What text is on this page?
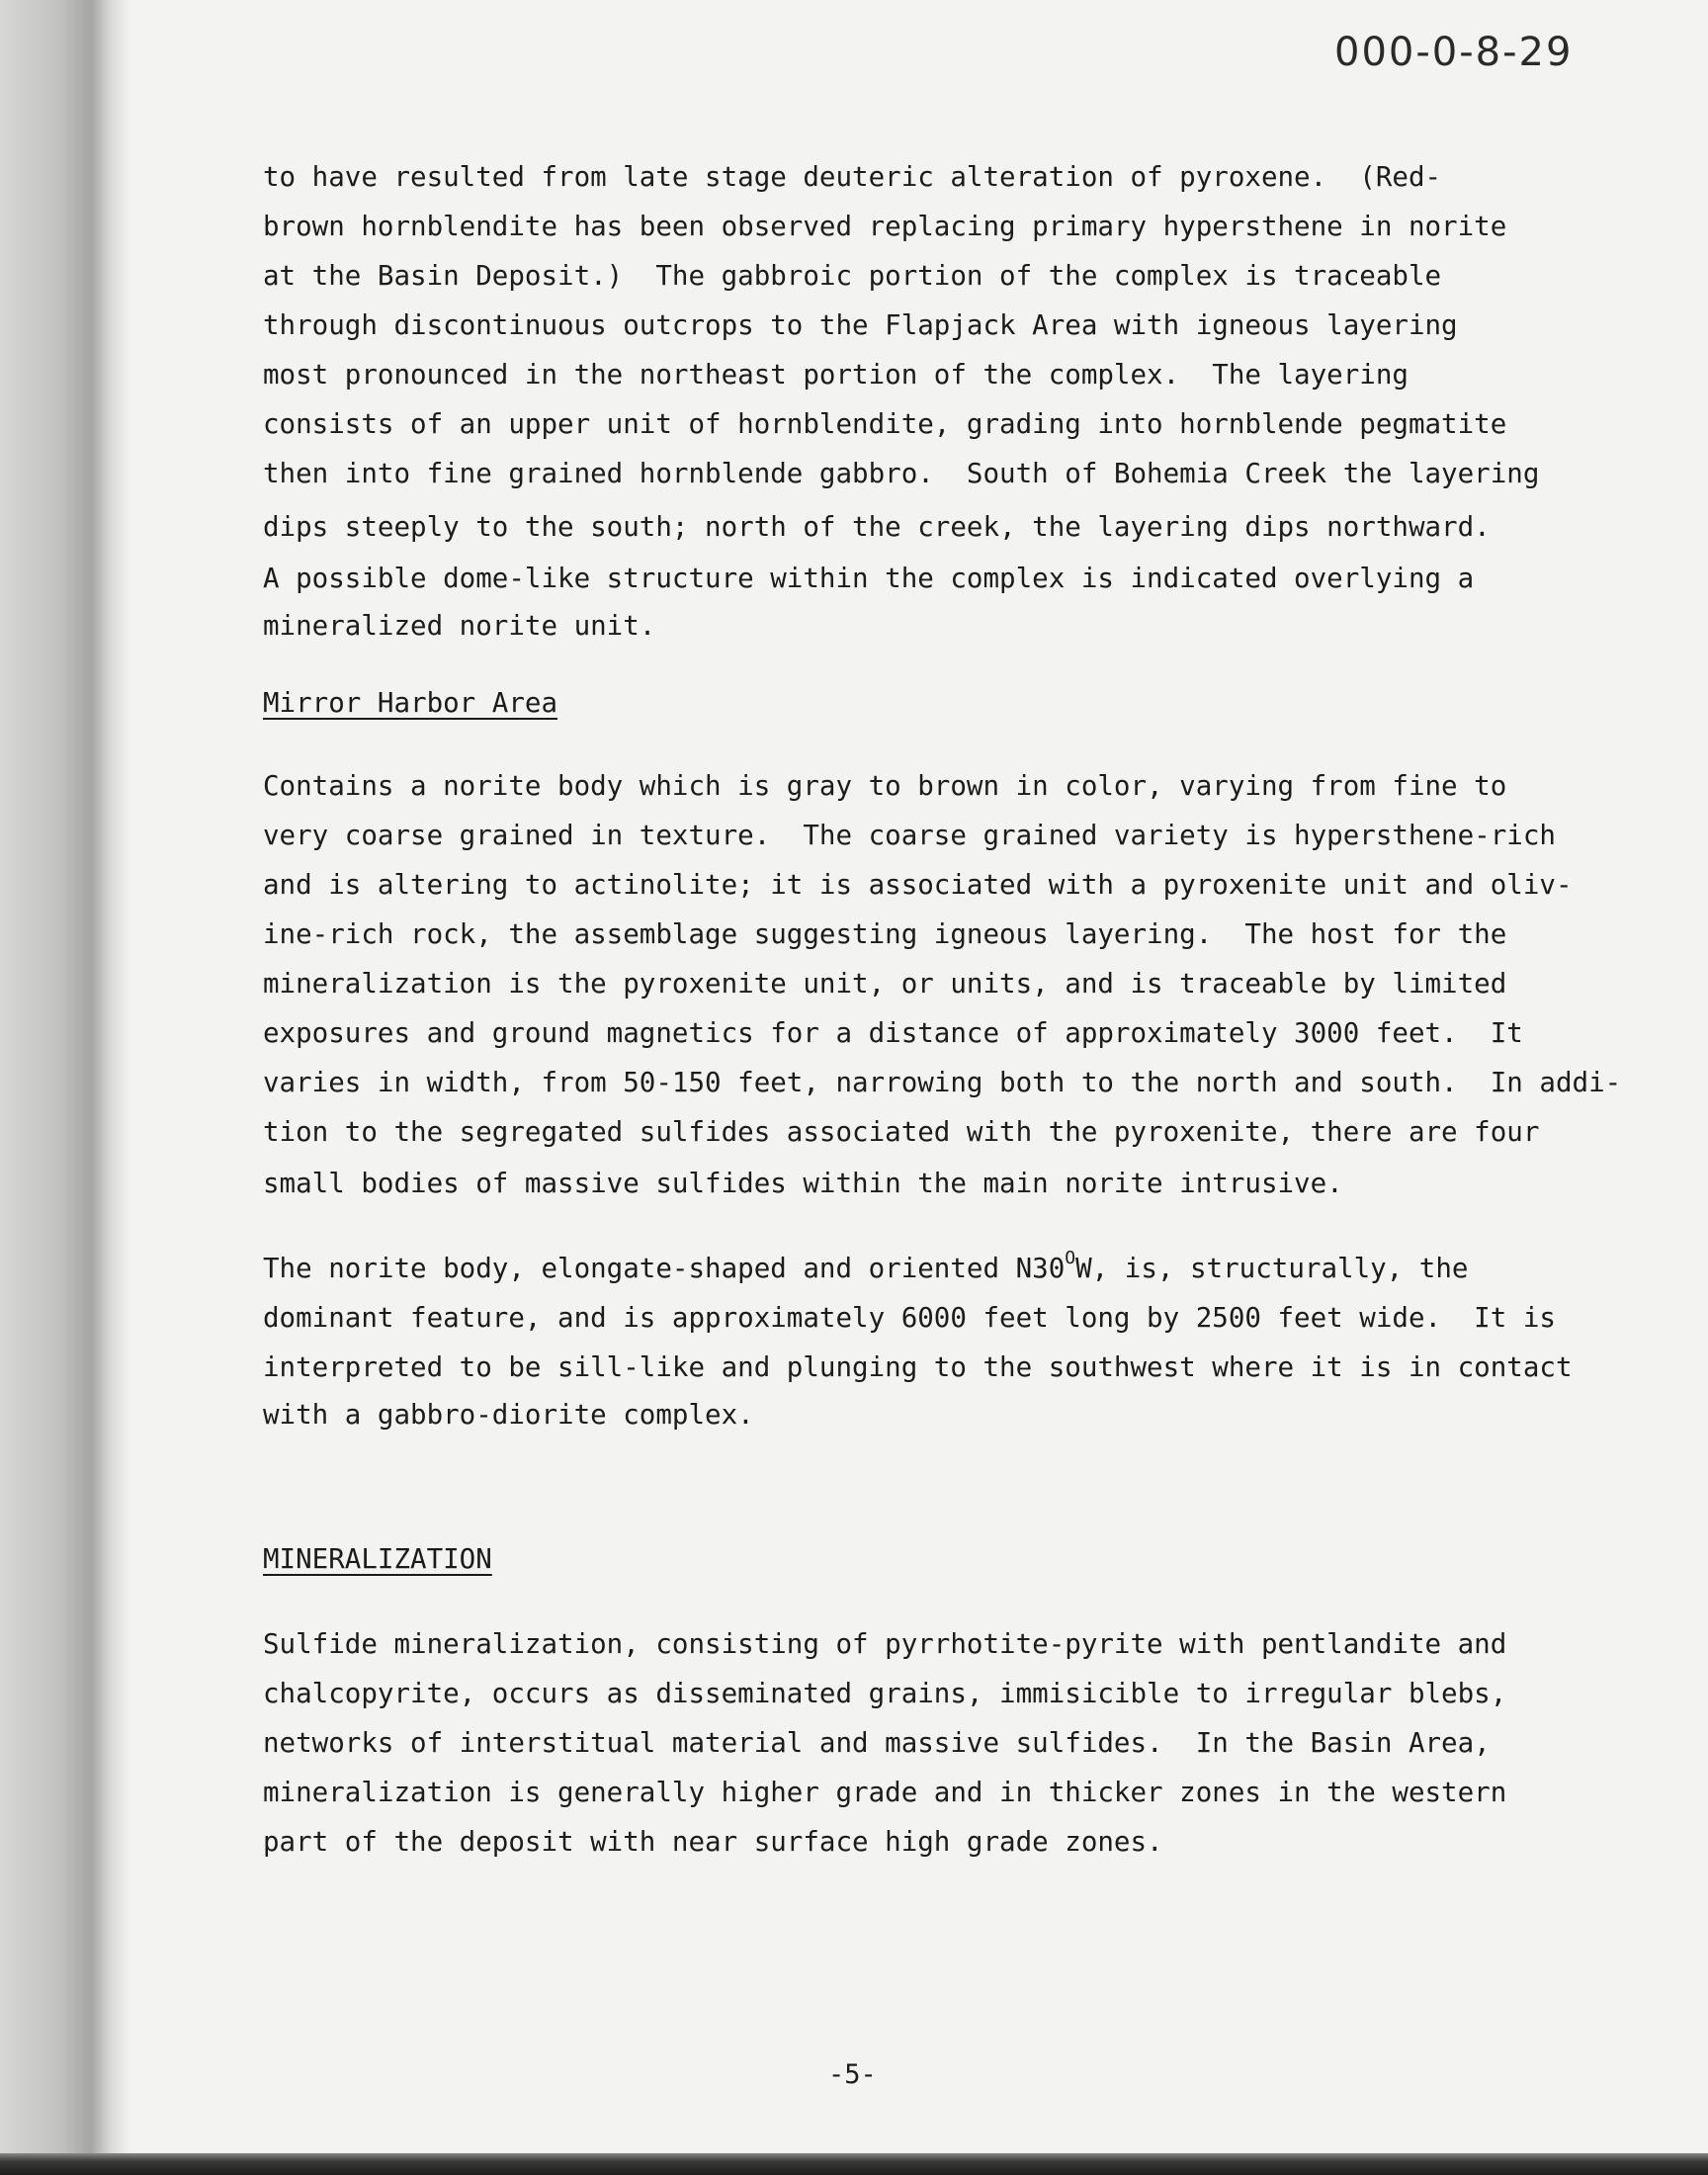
000-0-8-29
to have resulted from late stage deuteric alteration of pyroxene.  (Red-
brown hornblendite has been observed replacing primary hypersthene in norite
at the Basin Deposit.)  The gabbroic portion of the complex is traceable
through discontinuous outcrops to the Flapjack Area with igneous layering
most pronounced in the northeast portion of the complex.  The layering
consists of an upper unit of hornblendite, grading into hornblende pegmatite
then into fine grained hornblende gabbro.  South of Bohemia Creek the layering
dips steeply to the south; north of the creek, the layering dips northward.
A possible dome-like structure within the complex is indicated overlying a
mineralized norite unit.
Mirror Harbor Area
Contains a norite body which is gray to brown in color, varying from fine to
very coarse grained in texture.  The coarse grained variety is hypersthene-rich
and is altering to actinolite; it is associated with a pyroxenite unit and oliv-
ine-rich rock, the assemblage suggesting igneous layering.  The host for the
mineralization is the pyroxenite unit, or units, and is traceable by limited
exposures and ground magnetics for a distance of approximately 3000 feet.  It
varies in width, from 50-150 feet, narrowing both to the north and south.  In addi-
tion to the segregated sulfides associated with the pyroxenite, there are four
small bodies of massive sulfides within the main norite intrusive.
The norite body, elongate-shaped and oriented $N30^OW$, is, structurally, the
dominant feature, and is approximately 6000 feet long by 2500 feet wide.  It is
interpreted to be sill-like and plunging to the southwest where it is in contact
with a gabbro-diorite complex.
MINERALIZATION
Sulfide mineralization, consisting of pyrrhotite-pyrite with pentlandite and
chalcopyrite, occurs as disseminated grains, immisicible to irregular blebs,
networks of interstitual material and massive sulfides.  In the Basin Area,
mineralization is generally higher grade and in thicker zones in the western
part of the deposit with near surface high grade zones.
-5-
